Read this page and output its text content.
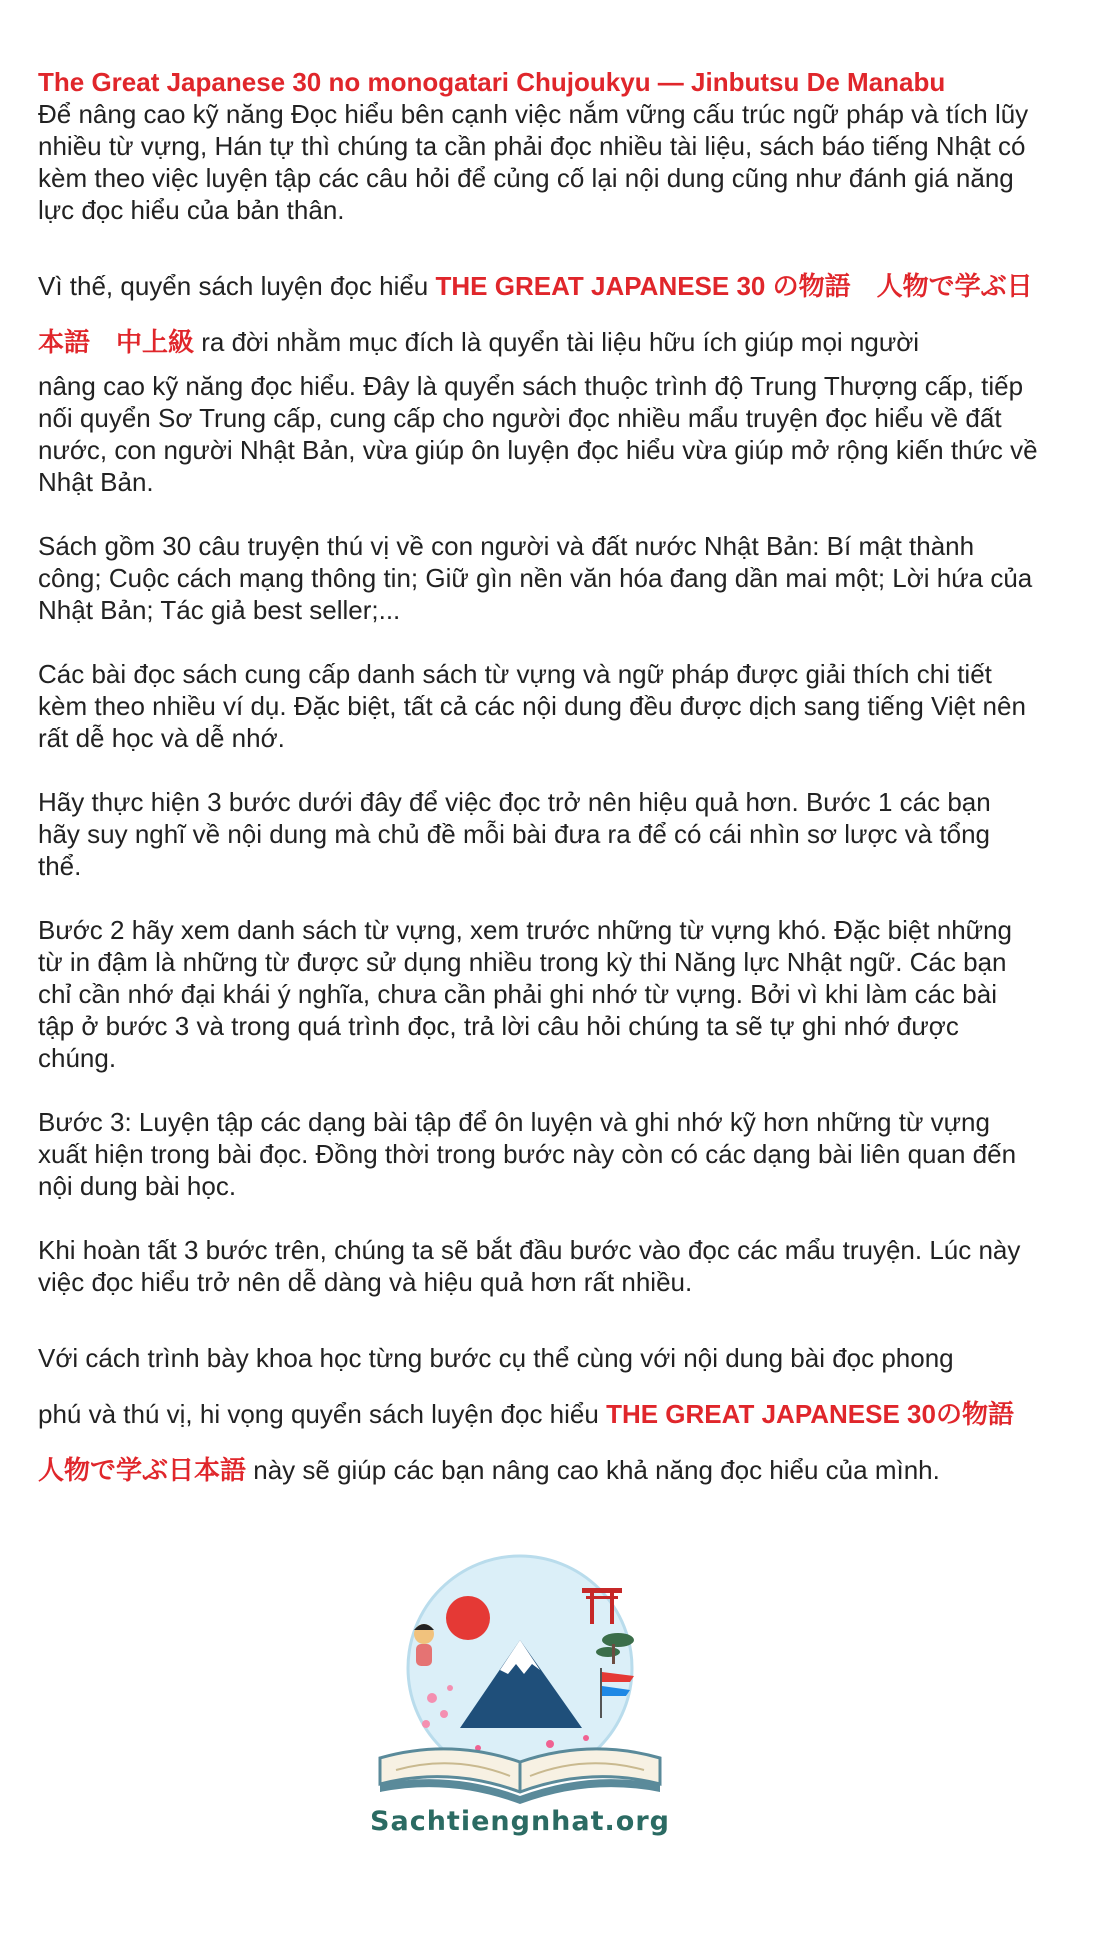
The Great Japanese 30 no monogatari Chujoukyu — Jinbutsu De Manabu

Để nâng cao kỹ năng Đọc hiểu bên cạnh việc nắm vững cấu trúc ngữ pháp và tích lũy nhiều từ vựng, Hán tự thì chúng ta cần phải đọc nhiều tài liệu, sách báo tiếng Nhật có kèm theo việc luyện tập các câu hỏi để củng cố lại nội dung cũng như đánh giá năng lực đọc hiểu của bản thân.

Vì thế, quyển sách luyện đọc hiểu THE GREAT JAPANESE 30 の物語　人物で学ぶ日本語　中上級 ra đời nhằm mục đích là quyển tài liệu hữu ích giúp mọi người

nâng cao kỹ năng đọc hiểu. Đây là quyển sách thuộc trình độ Trung Thượng cấp, tiếp nối quyển Sơ Trung cấp, cung cấp cho người đọc nhiều mẩu truyện đọc hiểu về đất nước, con người Nhật Bản, vừa giúp ôn luyện đọc hiểu vừa giúp mở rộng kiến thức về Nhật Bản.

Sách gồm 30 câu truyện thú vị về con người và đất nước Nhật Bản: Bí mật thành công; Cuộc cách mạng thông tin; Giữ gìn nền văn hóa đang dần mai một; Lời hứa của Nhật Bản; Tác giả best seller;...

Các bài đọc sách cung cấp danh sách từ vựng và ngữ pháp được giải thích chi tiết kèm theo nhiều ví dụ. Đặc biệt, tất cả các nội dung đều được dịch sang tiếng Việt nên rất dễ học và dễ nhớ.

Hãy thực hiện 3 bước dưới đây để việc đọc trở nên hiệu quả hơn. Bước 1 các bạn hãy suy nghĩ về nội dung mà chủ đề mỗi bài đưa ra để có cái nhìn sơ lược và tổng thể.

Bước 2 hãy xem danh sách từ vựng, xem trước những từ vựng khó. Đặc biệt những từ in đậm là những từ được sử dụng nhiều trong kỳ thi Năng lực Nhật ngữ. Các bạn chỉ cần nhớ đại khái ý nghĩa, chưa cần phải ghi nhớ từ vựng. Bởi vì khi làm các bài tập ở bước 3 và trong quá trình đọc, trả lời câu hỏi chúng ta sẽ tự ghi nhớ được chúng.

Bước 3: Luyện tập các dạng bài tập để ôn luyện và ghi nhớ kỹ hơn những từ vựng xuất hiện trong bài đọc. Đồng thời trong bước này còn có các dạng bài liên quan đến nội dung bài học.

Khi hoàn tất 3 bước trên, chúng ta sẽ bắt đầu bước vào đọc các mẩu truyện. Lúc này việc đọc hiểu trở nên dễ dàng và hiệu quả hơn rất nhiều.

Với cách trình bày khoa học từng bước cụ thể cùng với nội dung bài đọc phong
phú và thú vị, hi vọng quyển sách luyện đọc hiểu THE GREAT JAPANESE 30の物語　人物で学ぶ日本語 này sẽ giúp các bạn nâng cao khả năng đọc hiểu của mình.

Sachtiengnhat.org
